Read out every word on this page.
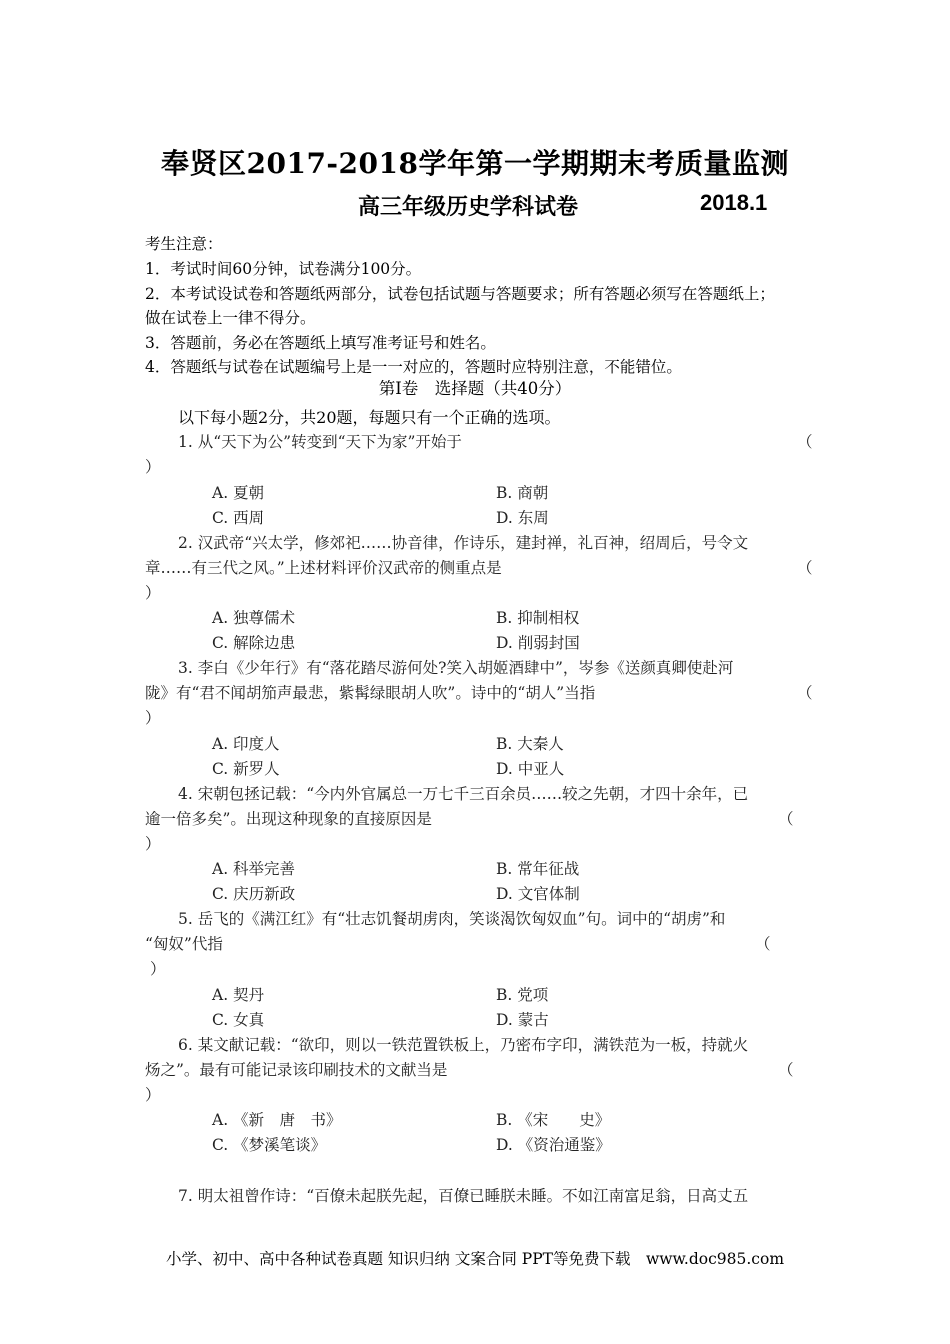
奉贤区2017-2018学年第一学期期末考质量监测
高三年级历史学科试卷	2018.1
考生注意：
1．考试时间60分钟，试卷满分100分。
2．本考试设试卷和答题纸两部分，试卷包括试题与答题要求；所有答题必须写在答题纸上；
做在试卷上一律不得分。
3．答题前，务必在答题纸上填写准考证号和姓名。
4．答题纸与试卷在试题编号上是一一对应的，答题时应特别注意，不能错位。
第Ⅰ卷　选择题（共40分）
以下每小题2分，共20题，每题只有一个正确的选项。
1. 从“天下为公”转变到“天下为家”开始于	（
）
A. 夏朝	B. 商朝
C. 西周	D. 东周
2. 汉武帝“兴太学，修郊祀……协音律，作诗乐，建封禅，礼百神，绍周后，号令文
章……有三代之风。”上述材料评价汉武帝的侧重点是	（
）
A. 独尊儒术	B. 抑制相权
C. 解除边患	D. 削弱封国
3. 李白《少年行》有“落花踏尽游何处?笑入胡姬酒肆中”，岑参《送颜真卿使赴河
陇》有“君不闻胡笳声最悲，紫髯绿眼胡人吹”。诗中的“胡人”当指	（
）
A. 印度人	B. 大秦人
C. 新罗人	D. 中亚人
4. 宋朝包拯记载：“今内外官属总一万七千三百余员……较之先朝，才四十余年，已
逾一倍多矣”。出现这种现象的直接原因是	（
）
A. 科举完善	B. 常年征战
C. 庆历新政	D. 文官体制
5. 岳飞的《满江红》有“壮志饥餐胡虏肉，笑谈渴饮匈奴血”句。词中的“胡虏”和
“匈奴”代指	（
）
A. 契丹	B. 党项
C. 女真	D. 蒙古
6. 某文献记载：“欲印，则以一铁范置铁板上，乃密布字印，满铁范为一板，持就火
炀之”。最有可能记录该印刷技术的文献当是	（
）
A. 《新　唐　书》	B. 《宋　　史》
C. 《梦溪笔谈》	D. 《资治通鉴》
7. 明太祖曾作诗：“百僚未起朕先起，百僚已睡朕未睡。不如江南富足翁，日高丈五
小学、初中、高中各种试卷真题 知识归纳 文案合同 PPT等免费下载　www.doc985.com
